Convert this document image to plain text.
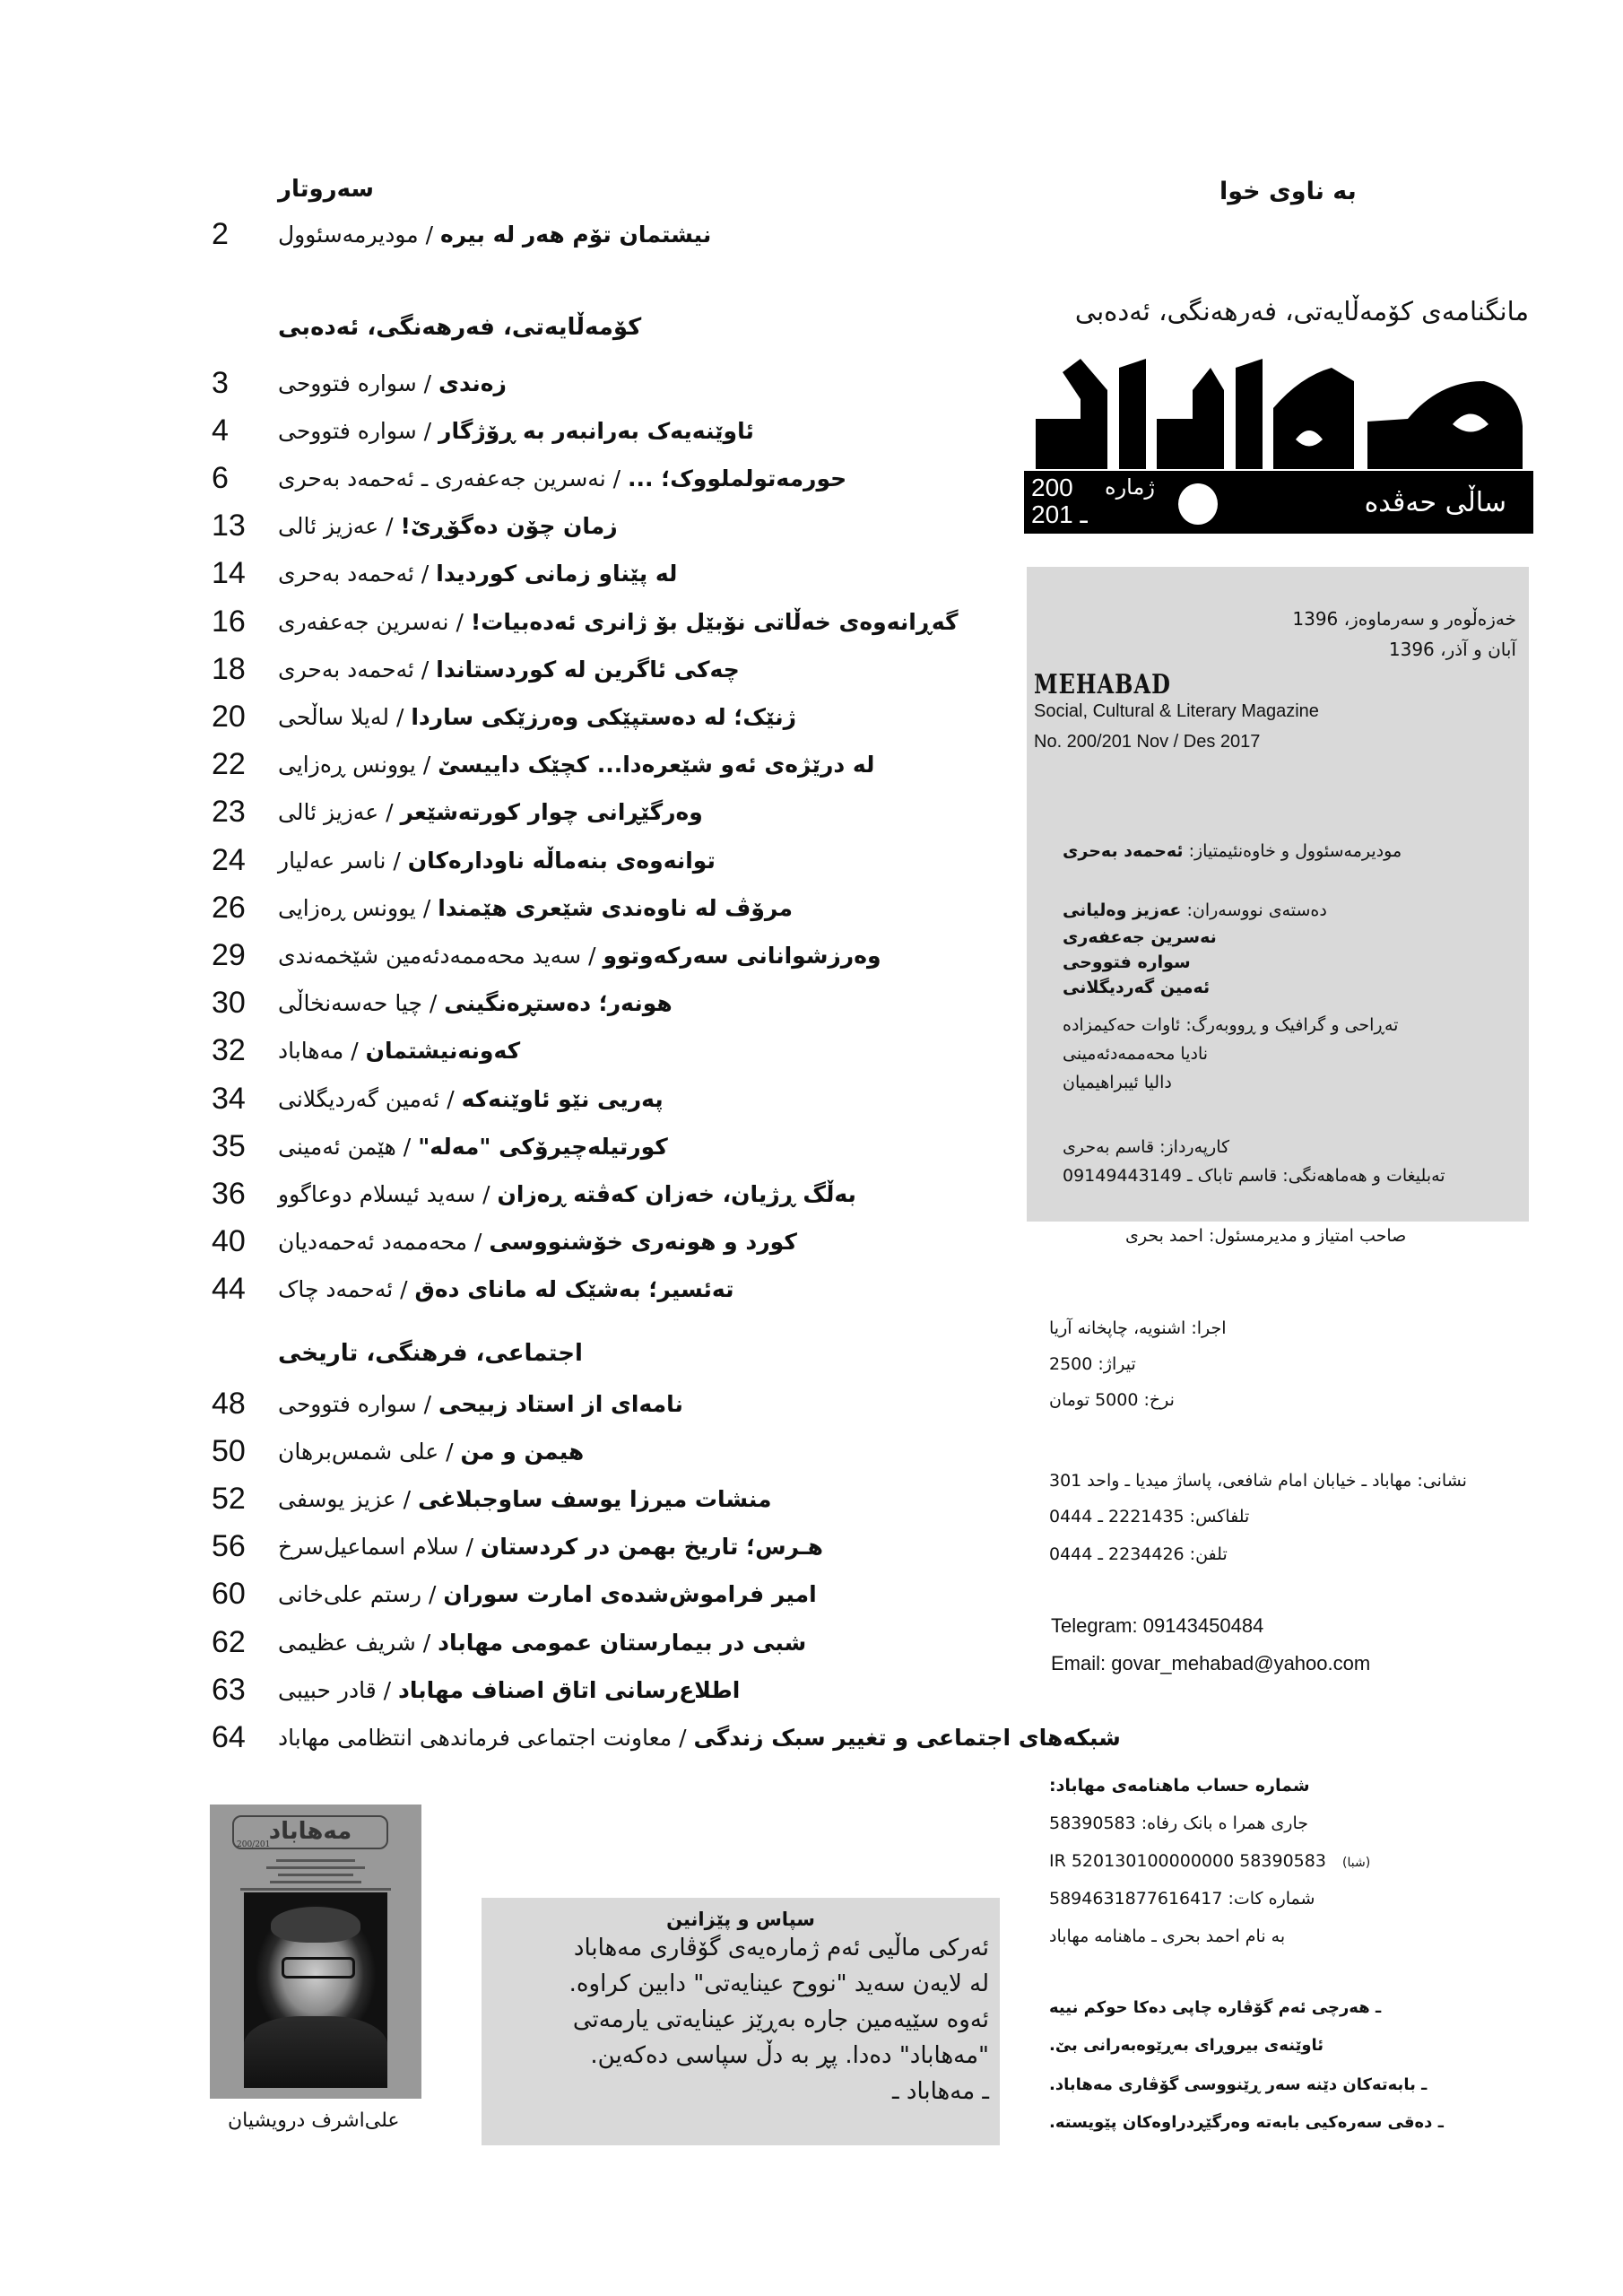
سەروتار
2	نیشتمان تۆم هەر لە بیرە / مودیرمەسئوول
کۆمەڵایەتی، فەرهەنگی، ئەدەبی
3	زەندی / سوارە فتووحی
4	ئاوێنەیەک بەرانبەر بە ڕۆژگار / سوارە فتووحی
6	حورمەتولملووک؛ ... / نەسرین جەعفەری ـ ئەحمەد بەحری
13	زمان چۆن دەگۆڕێ! / عەزیز ئالی
14	لە پێناو زمانی کوردیدا / ئەحمەد بەحری
16	گەڕانەوەی خەڵاتی نۆبێل بۆ ژانری ئەدەبیات! / نەسرین جەعفەری
18	چەکی ئاگرین لە کوردستاندا / ئەحمەد بەحری
20	ژنێک؛ لە دەستپێکی وەرزێکی ساردا / لەیلا ساڵحی
22	لە درێژەی ئەو شێعرەدا... کچێک داییسێ / یوونس ڕەزایی
23	وەرگێڕانی چوار کورتەشێعر / عەزیز ئالی
24	توانەوەی بنەماڵە ناودارەکان / ناسر عەلیار
26	مرۆڤ لە ناوەندی شێعری هێمندا / یوونس ڕەزایی
29	وەرزشوانانی سەرکەوتوو / سەید محەممەدئەمین شێخمەندی
30	هونەر؛ دەستڕەنگینی / چیا حەسەنخاڵی
32	کەونەنیشتمان / مەهاباد
34	پەریی نێو ئاوێنەکە / ئەمین گەردیگلانی
35	کورتیلەچیرۆکی "مەلە" / هێمن ئەمینی
36	بەڵگ ڕژیان، خەزان کەڤتە ڕەزان / سەید ئیسلام دوعاگوو
40	کورد و هونەری خۆشنووسی / محەممەد ئەحمەدیان
44	تەئسیر؛ بەشێک لە مانای دەق / ئەحمەد چاک
اجتماعی، فرهنگی، تاریخی
48	نامەای از استاد زبیحی / سوارە فتووحی
50	هیمن و من / علی شمس‌برهان
52	منشات میرزا یوسف ساوجبلاغی / عزیز یوسفی
56	هـرس؛ تاریخ بهمن در کردستان / سلام اسماعیل‌سرخ
60	امیر فراموش‌شدەی امارت سوران / رستم علی‌خانی
62	شبی در بیمارستان عمومی مهاباد / شریف عظیمی
63	اطلاع‌رسانی اتاق اصناف مهاباد / قادر حبیبی
64	شبکه‌های اجتماعی و تغییر سبک زندگی / معاونت اجتماعی فرماندهی انتظامی مهاباد
بە ناوی خوا
مانگنامەی کۆمەڵایەتی، فەرهەنگی، ئەدەبی
200
201 ـ
ژمارە	ساڵی حەڤدە
خەزەڵوەر و سەرماوەز، 1396
آبان و آذر، 1396
MEHABAD
Social, Cultural & Literary Magazine
No. 200/201 Nov / Des 2017
مودیرمەسئوول و خاوەنئیمتیاز: ئەحمەد بەحری
دەستەی نووسەران: عەزیز وەلیانی
نەسرین جەعفەری
سوارە فتووحی
ئەمین گەردیگلانی
تەڕاحی و گرافیک و ڕووبەرگ: ئاوات حەکیمزادە
نادیا محەممەدئەمینی
دالیا ئیبراهیمیان
کارپەرداز: قاسم بەحری
تەبلیغات و هەماهەنگی: قاسم تاباک ـ 09149443149
صاحب امتیاز و مدیرمسئول: احمد بحری
اجرا: اشنویه، چاپخانه آریا
تیراژ: 2500
نرخ: 5000 تومان
نشانی: مهاباد ـ خیابان امام شافعی، پاساژ میدیا ـ واحد 301
تلفاکس: 2221435 ـ 0444
تلفن: 2234426 ـ 0444
Telegram: 09143450484
Email: govar_mehabad@yahoo.com
شمارە حساب ماهنامەی مهاباد:
جاری همرا ه بانک رفاه: 58390583
IR 520130100000000 58390583 (شبا)
شمارە کات: 5894631877616417
بە نام احمد بحری ـ ماهنامە مهاباد
ـ هەرچی ئەم گۆڤارە چاپی دەکا حوکم نییە
ئاوێنەی بیروڕای بەڕێوەبەرانی بێ.
ـ بابەتەکان دێنە سەر ڕێنووسی گۆڤاری مەهاباد.
ـ دەقی سەرەکیی بابەتە وەرگێڕدراوەکان پێویستە.
مەهاباد
200/201
علی‌اشرف درویشیان
سپاس و پێزانین
ئەرکی ماڵیی ئەم ژمارەیەی گۆڤاری مەهاباد
لە لایەن سەید "نووح عینایەتی" دابین کراوە.
ئەوە سێیەمین جارە بەڕێز عینایەتی یارمەتی
"مەهاباد" دەدا. پڕ بە دڵ سپاسی دەکەین.
ـ مەهاباد ـ
